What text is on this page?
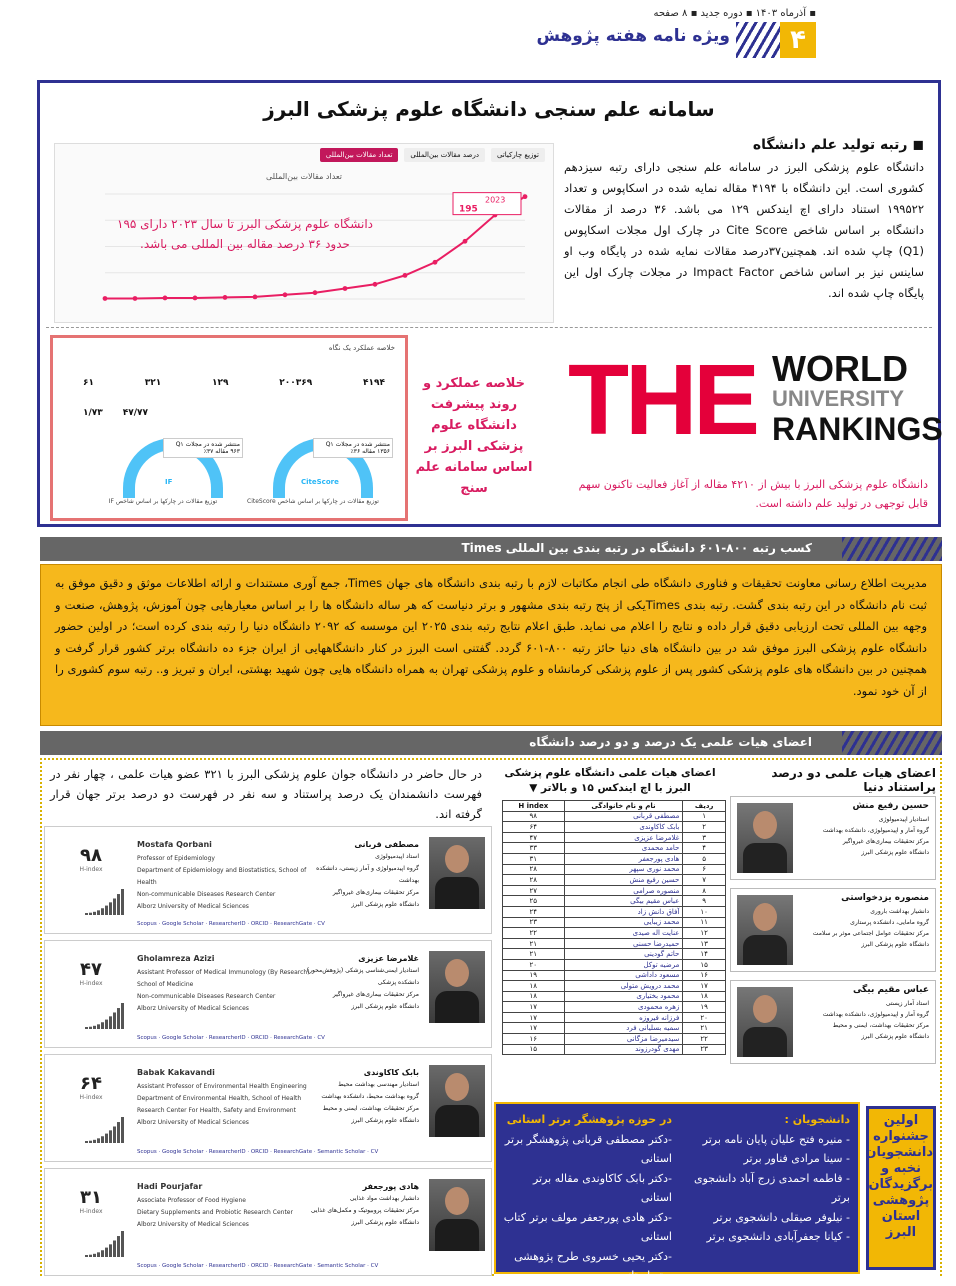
▪ آذرماه ۱۴۰۳ ▪ دوره جدید ▪ ۸ صفحه
۴
ویژه نامه هفته پژوهش
سامانه علم سنجی دانشگاه علوم پزشکی البرز
توزیع چارکیاتی
درصد مقالات بین‌المللی
تعداد مقالات بین‌المللی
تعداد مقالات بین‌المللی
2023
195
دانشگاه علوم پزشکی البرز تا سال ۲۰۲۳ دارای ۱۹۵ حدود ۳۶ درصد مقاله بین المللی می باشد.
◼ رتبه تولید علم دانشگاه
دانشگاه علوم پزشکی البرز در سامانه علم سنجی دارای رتبه سیزدهم کشوری است. این دانشگاه با ۴۱۹۴ مقاله نمایه شده در اسکاپوس و تعداد ۱۹۹۵۲۲ استناد دارای اچ ایندکس ۱۲۹ می باشد. ۳۶ درصد از مقالات دانشگاه بر اساس شاخص Cite Score در چارک اول مجلات اسکاپوس (Q1) چاپ شده اند. همچنین۳۷درصد مقالات نمایه شده در پایگاه وب او ساینس نیز بر اساس شاخص Impact Factor در مجلات چارک اول این پایگاه چاپ شده اند.
خلاصه عملکرد یک نگاه
۴۱۹۴
۲۰۰۳۶۹
۱۲۹
۳۲۱
۶۱
۱/۷۳ ۴۷/۷۷
IF	CiteScore
منتشر شده در مجلات Q۱
۹۶۳ مقاله ۳۷٪
منتشر شده در مجلات Q۱
۱۳۵۶ مقاله ۳۶٪
توزیع مقالات در چارکها بر اساس شاخص IF	توزیع مقالات در چارکها بر اساس شاخص CiteScore
خلاصه عملکرد و روند پیشرفت دانشگاه علوم پزشکی البرز بر اساس سامانه علم سنج
THE WORLD
UNIVERSITY
RANKINGS
دانشگاه علوم پزشکی البرز با بیش از ۴۲۱۰ مقاله از آغاز فعالیت تاکنون سهم قابل توجهی در تولید علم داشته است.
کسب رتبه ۸۰۰-۶۰۱ دانشگاه در رتبه بندی بین المللی Times
مدیریت اطلاع رسانی معاونت تحقیقات و فناوری دانشگاه طی انجام مکاتبات لازم با رتبه بندی دانشگاه های جهان Times، جمع آوری مستندات و ارائه اطلاعات موثق و دقیق موفق به ثبت نام دانشگاه در این رتبه بندی گشت. رتبه بندی Timesیکی از پنج رتبه بندی مشهور و برتر دنیاست که هر ساله دانشگاه ها را بر اساس معیارهایی چون آموزش، پژوهش، صنعت و وجهه بین المللی تحت ارزیابی دقیق قرار داده و نتایج را اعلام می نماید. طبق اعلام نتایج رتبه بندی ۲۰۲۵ این موسسه که ۲۰۹۲ دانشگاه دنیا را رتبه بندی کرده است؛ در اولین حضور دانشگاه علوم پزشکی البرز موفق شد در بین دانشگاه های دنیا حائز رتبه ۸۰۰-۶۰۱ گردد. گفتنی است البرز در کنار دانشگاههایی از ایران جزء ده دانشگاه برتر کشور قرار گرفت و همچنین در بین دانشگاه های علوم پزشکی کشور پس از علوم پزشکی کرمانشاه و علوم پزشکی تهران به همراه دانشگاه هایی چون شهید بهشتی، ایران و تبریز و.. رتبه سوم کشوری را از آن خود نمود.
اعضای هیات علمی یک درصد و دو درصد دانشگاه
در حال حاضر در دانشگاه جوان علوم پزشکی البرز با ۳۲۱ عضو هیات علمی ، چهار نفر در فهرست دانشمندان یک درصد پراستناد و سه نفر در فهرست دو درصد برتر جهان قرار گرفته اند.
۹۸
H-index
Mostafa Qorbani
Professor of Epidemiology
Department of Epidemiology and Biostatistics, School of Health
Non-communicable Diseases Research Center
Alborz University of Medical Sciences
مصطفی قربانی
استاد اپیدمیولوژی
گروه اپیدمیولوژی و آمار زیستی، دانشکده بهداشت
مرکز تحقیقات بیماری‌های غیرواگیر
دانشگاه علوم پزشکی البرز
Scopus · Google Scholar · ResearcherID · ORCID · ResearchGate · CV
۴۷
H-index
Gholamreza Azizi
Assistant Professor of Medical Immunology (By Research)
School of Medicine
Non-communicable Diseases Research Center
Alborz University of Medical Sciences
غلامرضا عزیزی
استادیار ایمنی‌شناسی پزشکی (پژوهش‌محور)
دانشکده پزشکی
مرکز تحقیقات بیماری‌های غیرواگیر
دانشگاه علوم پزشکی البرز
Scopus · Google Scholar · ResearcherID · ORCID · ResearchGate · CV
۶۴
H-index
Babak Kakavandi
Assistant Professor of Environmental Health Engineering
Department of Environmental Health, School of Health
Research Center For Health, Safety and Environment
Alborz University of Medical Sciences
بابک کاکاوندی
استادیار مهندسی بهداشت محیط
گروه بهداشت محیط، دانشکده بهداشت
مرکز تحقیقات بهداشت، ایمنی و محیط
دانشگاه علوم پزشکی البرز
Scopus · Google Scholar · ResearcherID · ORCID · ResearchGate · Semantic Scholar · CV
۳۱
H-index
Hadi Pourjafar
Associate Professor of Food Hygiene
Dietary Supplements and Probiotic Research Center
Alborz University of Medical Sciences
هادی پورجعفر
دانشیار بهداشت مواد غذایی
مرکز تحقیقات پروبیوتیک و مکمل‌های غذایی
دانشگاه علوم پزشکی البرز
Scopus · Google Scholar · ResearcherID · ORCID · ResearchGate · Semantic Scholar · CV
اعضای هیات علمی دانشگاه علوم پزشکی البرز با اچ ایندکس ۱۵ و بالاتر ▼
ردیف	نام و نام خانوادگی	H index
۱	مصطفی قربانی	۹۸
۲	بابک کاکاوندی	۶۴
۳	غلامرضا عزیزی	۴۷
۴	حامد محمدی	۳۳
۵	هادی پورجعفر	۳۱
۶	محمد نوری سپهر	۲۸
۷	حسین رفیع منش	۲۸
۸	منصوره صرامی	۲۷
۹	عباس مقیم بیگی	۲۵
۱۰	آفاق دانش زاد	۲۴
۱۱	محمد زیبایی	۲۳
۱۲	عنایت اله صیدی	۲۲
۱۳	حمیدرضا حسنی	۲۱
۱۴	حاتم گودینی	۲۱
۱۵	مرضیه توکل	۲۰
۱۶	مسعود داداشی	۱۹
۱۷	محمد درویش متولی	۱۸
۱۸	محمود بختیاری	۱۸
۱۹	زهره محمودی	۱۷
۲۰	فرزانه فیروزه	۱۷
۲۱	سمیه بسلیانی فرد	۱۷
۲۲	سیدمیرضا مزگانی	۱۶
۲۳	مهدی گودرزوند	۱۵
اعضای هیات علمی دو درصد پراستناد دنیا
حسین رفیع منش
استادیار اپیدمیولوژی
گروه آمار و اپیدمیولوژی، دانشکده بهداشت
مرکز تحقیقات بیماری‌های غیرواگیر
دانشگاه علوم پزشکی البرز
منصوره یزدخواستی
دانشیار بهداشت باروری
گروه مامایی، دانشکده پرستاری
مرکز تحقیقات عوامل اجتماعی موثر بر سلامت
دانشگاه علوم پزشکی البرز
عباس مقیم بیگی
استاد آمار زیستی
گروه آمار و اپیدمیولوژی، دانشکده بهداشت
مرکز تحقیقات بهداشت، ایمنی و محیط
دانشگاه علوم پزشکی البرز
دانشجویان :
- منیره فتح علیان پایان نامه برتر
- سینا مرادی فناور برتر
- فاطمه احمدی زرج آباد دانشجوی برتر
- نیلوفر صیقلی دانشجوی برتر
- کیانا جعفرآبادی دانشجوی برتر
در حوزه پژوهشگر برتر استانی
-دکتر مصطفی قربانی پژوهشگر برتر استانی
-دکتر بابک کاکاوندی مقاله برتر استانی
-دکتر هادی پورجعفر مولف برتر کتاب استانی
-دکتر یحیی خسروی طرح پژوهشی برتر استانی
اولین جشنواره دانشجویان نخبه و برگزیدگان پژوهشی استان البرز
